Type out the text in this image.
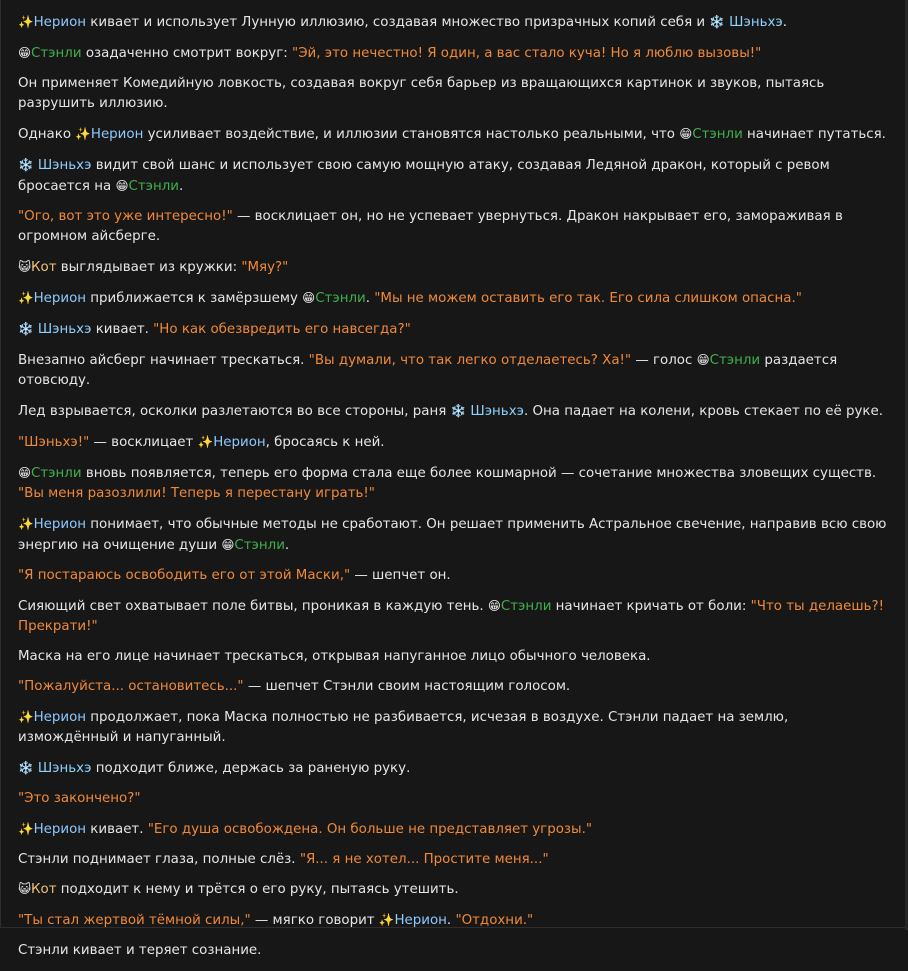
✨Нерион кивает и использует Лунную иллюзию, создавая множество призрачных копий себя и ❄️ Шэньхэ.

😁Стэнли озадаченно смотрит вокруг: "Эй, это нечестно! Я один, а вас стало куча! Но я люблю вызовы!"

Он применяет Комедийную ловкость, создавая вокруг себя барьер из вращающихся картинок и звуков, пытаясь разрушить иллюзию.

Однако ✨Нерион усиливает воздействие, и иллюзии становятся настолько реальными, что 😁Стэнли начинает путаться.

❄️ Шэньхэ видит свой шанс и использует свою самую мощную атаку, создавая Ледяной дракон, который с ревом бросается на 😁Стэнли.

"Ого, вот это уже интересно!" — восклицает он, но не успевает увернуться. Дракон накрывает его, замораживая в огромном айсберге.

😺Кот выглядывает из кружки: "Мяу?"

✨Нерион приближается к замёрзшему 😁Стэнли. "Мы не можем оставить его так. Его сила слишком опасна."

❄️ Шэньхэ кивает. "Но как обезвредить его навсегда?"

Внезапно айсберг начинает трескаться. "Вы думали, что так легко отделаетесь? Ха!" — голос 😁Стэнли раздается отовсюду.

Лед взрывается, осколки разлетаются во все стороны, раня ❄️ Шэньхэ. Она падает на колени, кровь стекает по её руке.

"Шэньхэ!" — восклицает ✨Нерион, бросаясь к ней.

😁Стэнли вновь появляется, теперь его форма стала еще более кошмарной — сочетание множества зловещих существ. "Вы меня разозлили! Теперь я перестану играть!"

✨Нерион понимает, что обычные методы не сработают. Он решает применить Астральное свечение, направив всю свою энергию на очищение души 😁Стэнли.

"Я постараюсь освободить его от этой Маски," — шепчет он.

Сияющий свет охватывает поле битвы, проникая в каждую тень. 😁Стэнли начинает кричать от боли: "Что ты делаешь?! Прекрати!"

Маска на его лице начинает трескаться, открывая напуганное лицо обычного человека.

"Пожалуйста... остановитесь..." — шепчет Стэнли своим настоящим голосом.

✨Нерион продолжает, пока Маска полностью не разбивается, исчезая в воздухе. Стэнли падает на землю, измождённый и напуганный.

❄️ Шэньхэ подходит ближе, держась за раненую руку.

"Это закончено?"

✨Нерион кивает. "Его душа освобождена. Он больше не представляет угрозы."

Стэнли поднимает глаза, полные слёз. "Я... я не хотел... Простите меня..."

😺Кот подходит к нему и трётся о его руку, пытаясь утешить.

"Ты стал жертвой тёмной силы," — мягко говорит ✨Нерион. "Отдохни."

Стэнли кивает и теряет сознание.
